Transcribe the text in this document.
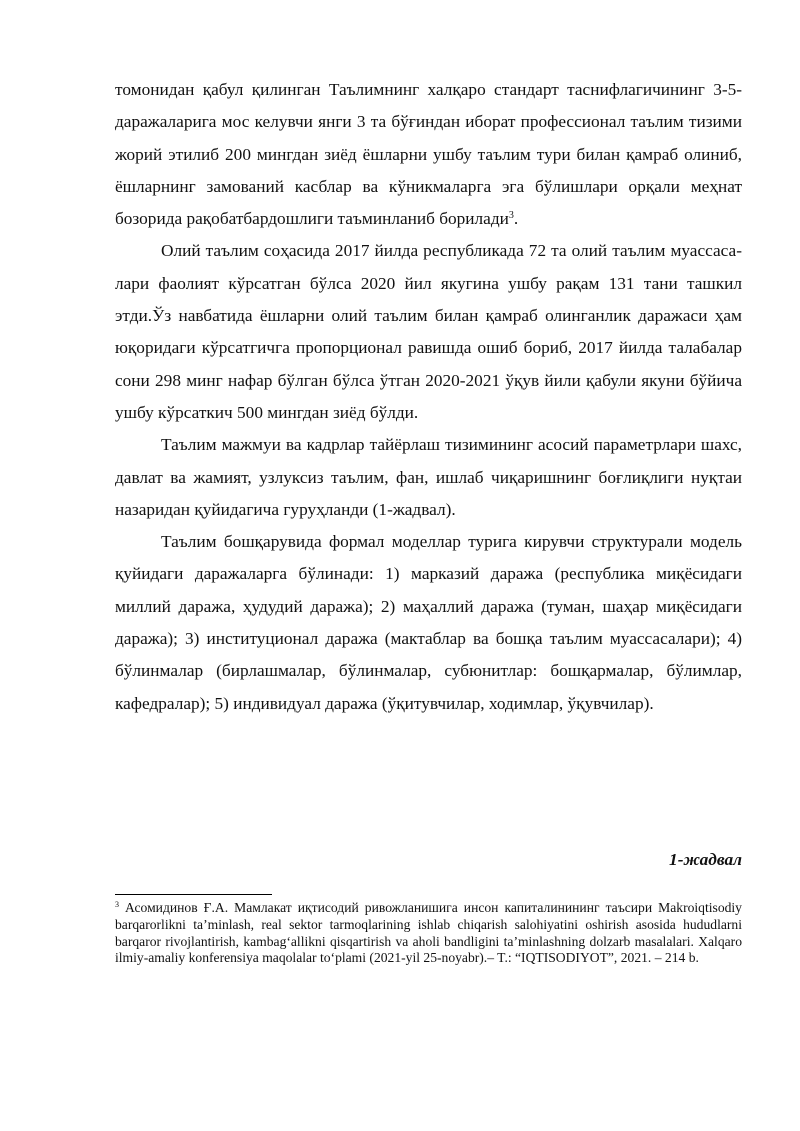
томонидан қабул қилинган Таълимнинг халқаро стандарт таснифлагичининг 3-5-даражаларига мос келувчи янги 3 та бўғиндан иборат профессионал таълим тизими жорий этилиб 200 мингдан зиёд ёшларни ушбу таълим тури билан қамраб олиниб, ёшларнинг замований касблар ва кўникмаларга эга бўлишлари орқали меҳнат бозорида рақобатбардошлиги таъминланиб борилади$^3$.

Олий таълим соҳасида 2017 йилда республикада 72 та олий таълим муассаса-лари фаолият кўрсатган бўлса 2020 йил якугина ушбу рақам 131 тани ташкил этди.Ўз навбатида ёшларни олий таълим билан қамраб олинганлик даражаси ҳам юқоридаги кўрсатгичга пропорционал равишда ошиб бориб, 2017 йилда талабалар сони 298 минг нафар бўлган бўлса ўтган 2020-2021 ўқув йили қабули якуни бўйича ушбу кўрсаткич 500 мингдан зиёд бўлди.

Таълим мажмуи ва кадрлар тайёрлаш тизимининг асосий параметрлари шахс, давлат ва жамият, узлуксиз таълим, фан, ишлаб чиқаришнинг боғлиқлиги нуқтаи назаридан қуйидагича гуруҳланди (1-жадвал).

Таълим бошқарувида формал моделлар турига кирувчи структурали модель қуйидаги даражаларга бўлинади: 1) марказий даража (республика миқёсидаги миллий даража, ҳудудий даража); 2) маҳаллий даража (туман, шаҳар миқёсидаги даража); 3) институционал даража (мактаблар ва бошқа таълим муассасалари); 4) бўлинмалар (бирлашмалар, бўлинмалар, субюнитлар: бошқармалар, бўлимлар, кафедралар); 5) индивидуал даража (ўқитувчилар, ходимлар, ўқувчилар).

1-жадвал
$^3$ Асомидинов Ғ.А. Мамлакат иқтисодий ривожланишига инсон капиталинининг таъсири Makroiqtisodiy barqarorlikni ta’minlash, real sektor tarmoqlarining ishlab chiqarish salohiyatini oshirish asosida hududlarni barqaror rivojlantirish, kambag‘allikni qisqartirish va aholi bandligini ta’minlashning dolzarb masalalari. Xalqaro ilmiy-amaliy konferensiya maqolalar to‘plami (2021-yil 25-noyabr).– T.: “IQTISODIYOT”, 2021. – 214 b.
